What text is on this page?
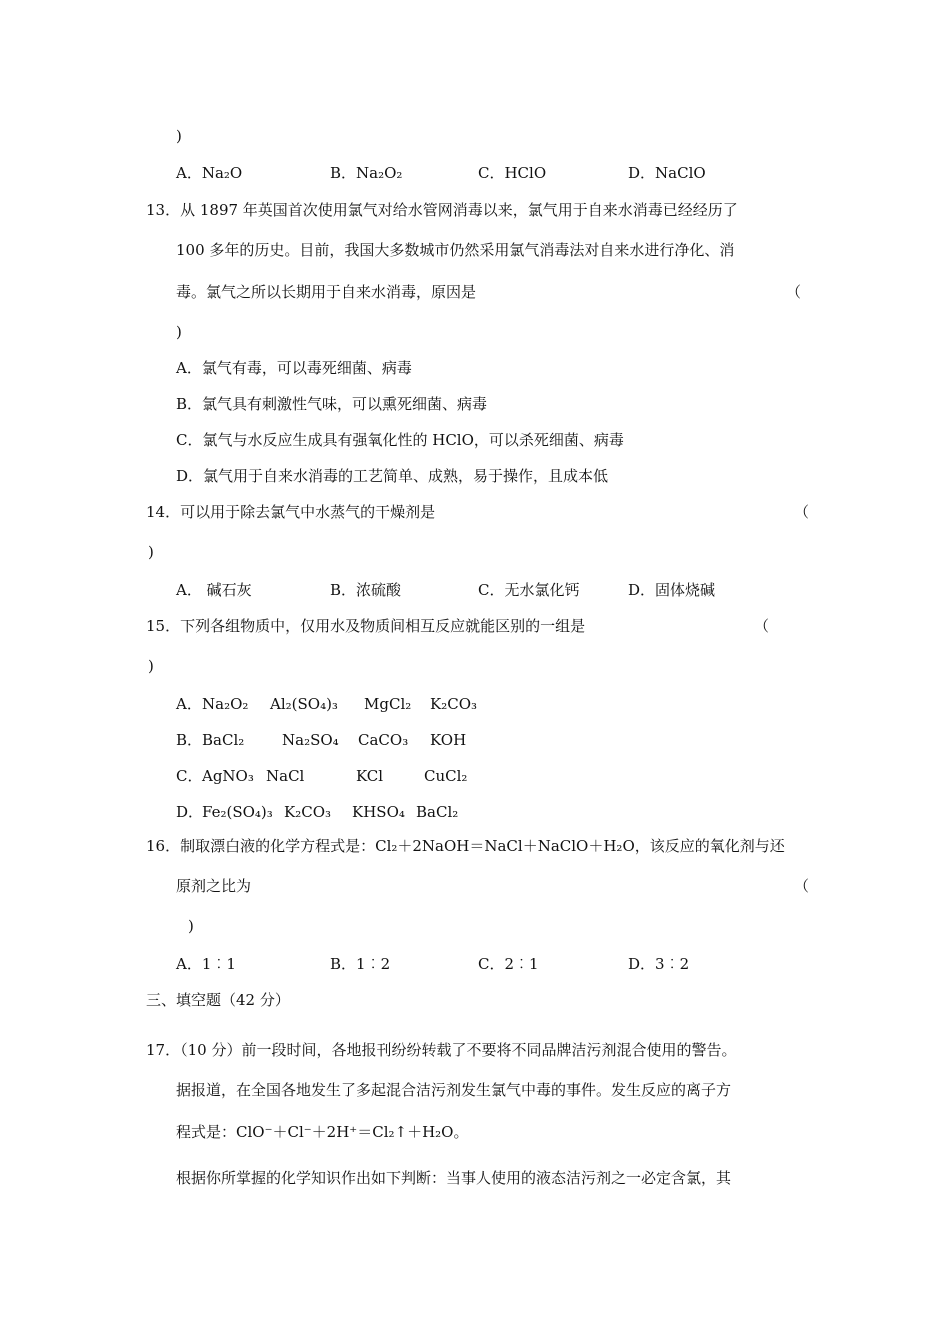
)
A．Na₂O	B．Na₂O₂	C．HClO	D．NaClO
13．从 1897 年英国首次使用氯气对给水管网消毒以来，氯气用于自来水消毒已经经历了
100 多年的历史。目前，我国大多数城市仍然采用氯气消毒法对自来水进行净化、消
毒。氯气之所以长期用于自来水消毒，原因是	（
)
A．氯气有毒，可以毒死细菌、病毒
B．氯气具有刺激性气味，可以熏死细菌、病毒
C．氯气与水反应生成具有强氧化性的 HClO，可以杀死细菌、病毒
D．氯气用于自来水消毒的工艺简单、成熟，易于操作，且成本低
14．可以用于除去氯气中水蒸气的干燥剂是	（
)
A． 碱石灰	B．浓硫酸	C．无水氯化钙	D．固体烧碱
15．下列各组物质中，仅用水及物质间相互反应就能区别的一组是	（
)
A． Na₂O₂ Al₂(SO₄)₃ MgCl₂ K₂CO₃
B． BaCl₂	Na₂SO₄ CaCO₃ KOH
C． AgNO₃ NaCl	KCl	CuCl₂
D．
Fe₂(SO₄)₃ K₂CO₃ KHSO₄ BaCl₂
16．制取漂白液的化学方程式是：Cl₂＋2NaOH＝NaCl＋NaClO＋H₂O，该反应的氧化剂与还
原剂之比为	（
)
A．1︰1	B．1︰2	C．2︰1	D．3︰2
三、填空题（42 分）
17．（10 分）前一段时间，各地报刊纷纷转载了不要将不同品牌洁污剂混合使用的警告。
据报道，在全国各地发生了多起混合洁污剂发生氯气中毒的事件。发生反应的离子方
程式是：ClO⁻＋Cl⁻＋2H⁺＝Cl₂↑＋H₂O。
根据你所掌握的化学知识作出如下判断：当事人使用的液态洁污剂之一必定含氯，其
